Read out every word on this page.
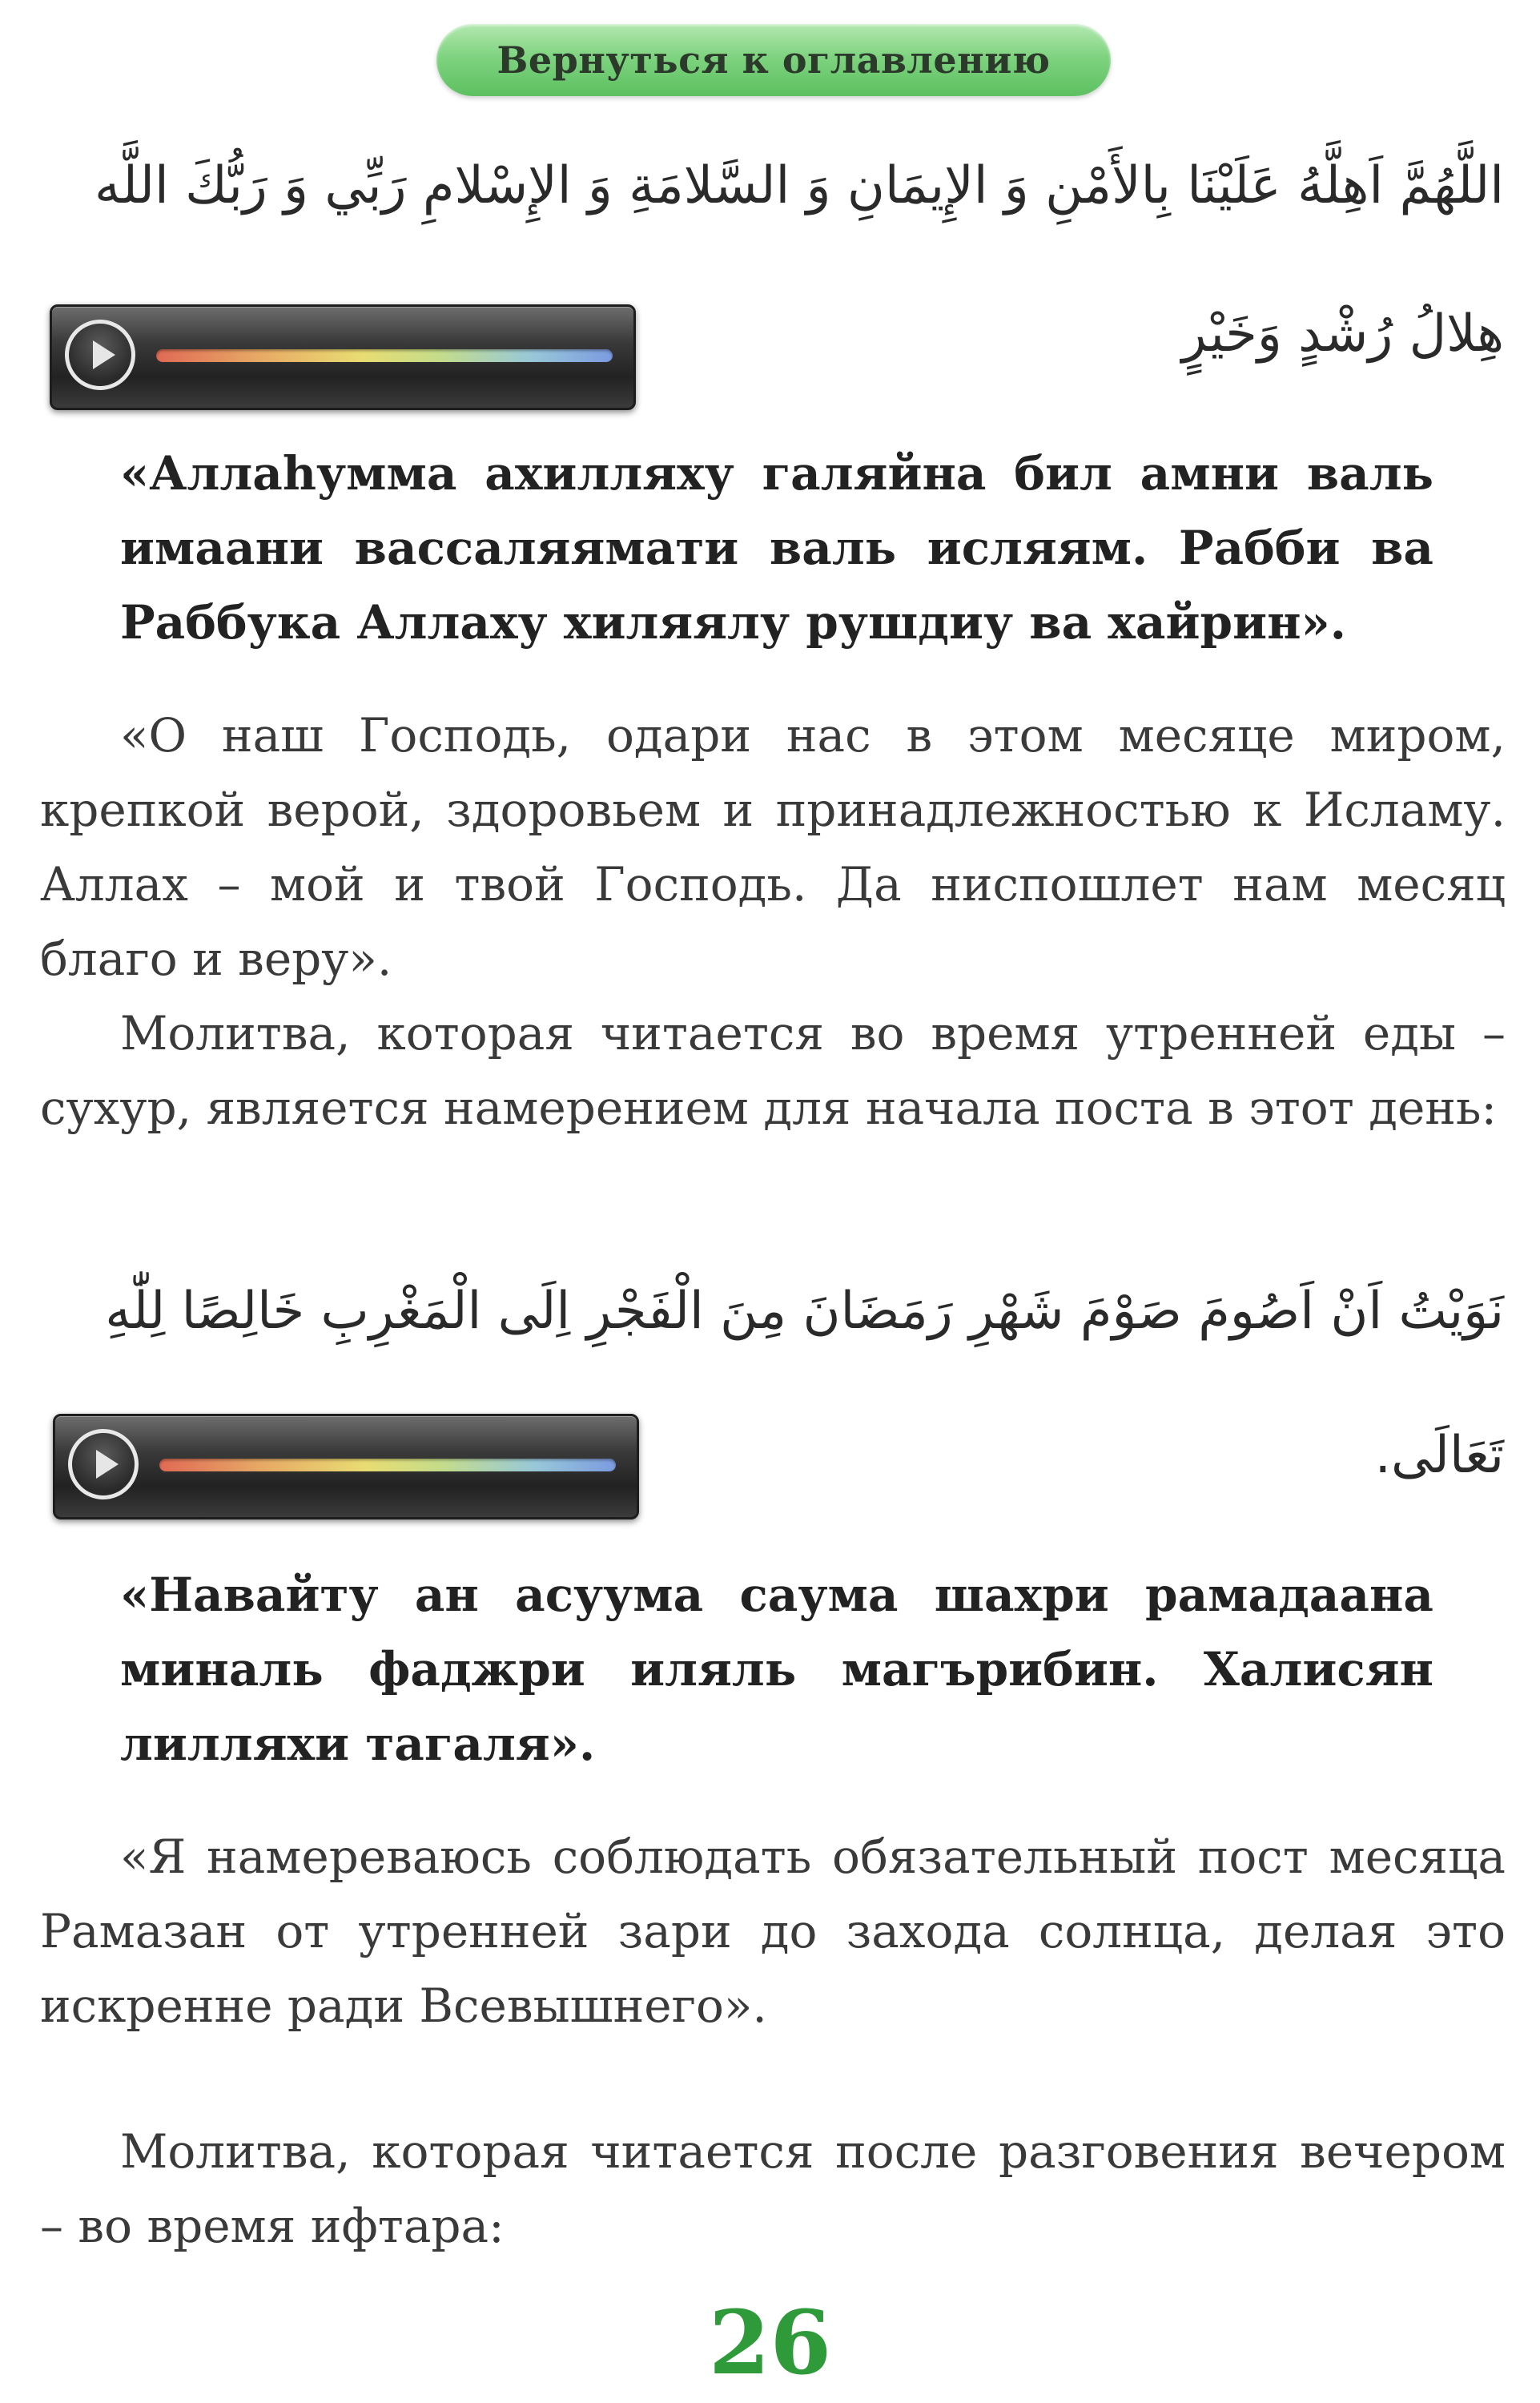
Вернуться к оглавлению
اللَّهُمَّ اَهِلَّهُ عَلَيْنَا بِالأَمْنِ وَ الإِيمَانِ وَ السَّلامَةِ وَ الإِسْلامِ رَبِّي وَ رَبُّكَ اللَّه
هِلالُ رُشْدٍ وَخَيْرٍ

«Аллаhумма ахилляху галяйна бил амни валь имаани вассаляямати валь исляям. Рабби ва Раббука Аллаху хиляялу рушдиу ва хайрин».

«О наш Господь, одари нас в этом месяце миром, крепкой верой, здоровьем и принадлежностью к Исламу. Аллах – мой и твой Господь. Да ниспошлет нам месяц благо и веру».

Молитва, которая читается во время утренней еды – сухур, является намерением для начала поста в этот день:

نَوَيْتُ اَنْ اَصُومَ صَوْمَ شَهْرِ رَمَضَانَ مِنَ الْفَجْرِ اِلَى الْمَغْرِبِ خَالِصًا لِلّٰهِ
تَعَالَى.

«Навайту ан асуума саума шахри рамадаана миналь фаджри иляль магърибин. Халисян лилляхи тагаля».

«Я намереваюсь соблюдать обязательный пост месяца Рамазан от утренней зари до захода солнца, делая это искренне ради Всевышнего».

Молитва, которая читается после разговения вечером – во время ифтара:

26
